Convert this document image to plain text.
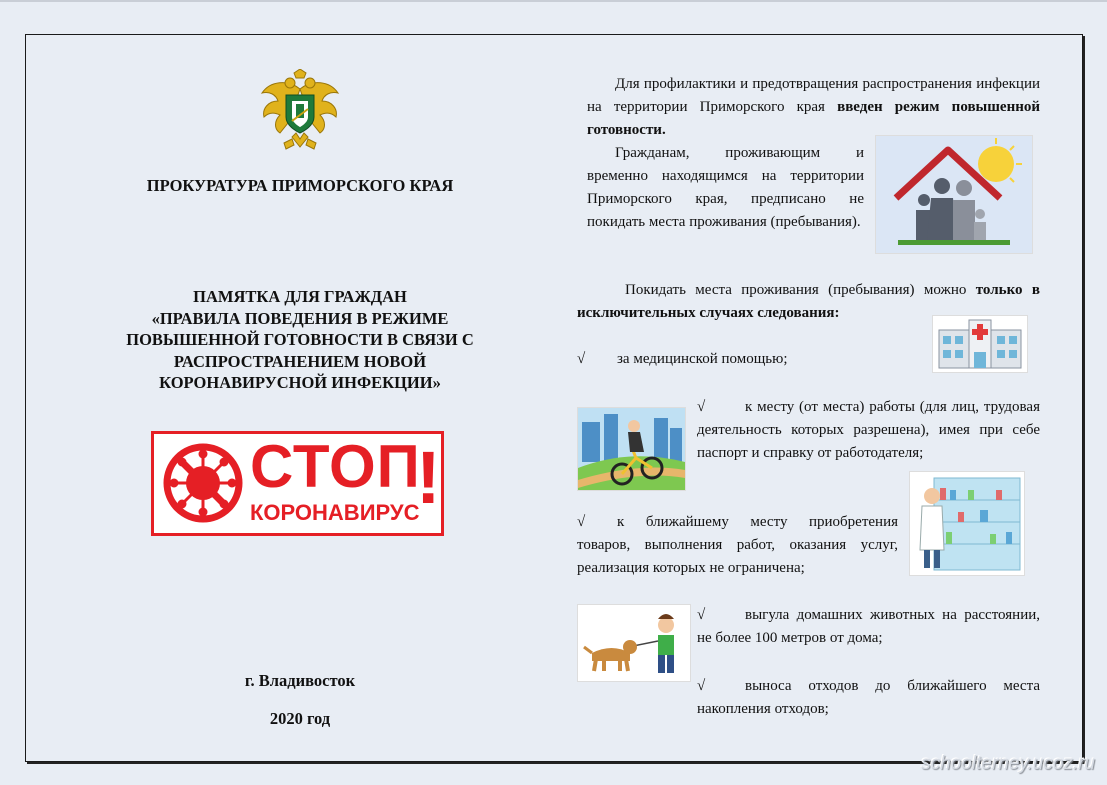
ПРОКУРАТУРА ПРИМОРСКОГО КРАЯ
ПАМЯТКА ДЛЯ ГРАЖДАН
«ПРАВИЛА ПОВЕДЕНИЯ В РЕЖИМЕ
ПОВЫШЕННОЙ ГОТОВНОСТИ В СВЯЗИ С
РАСПРОСТРАНЕНИЕМ НОВОЙ
КОРОНАВИРУСНОЙ ИНФЕКЦИИ»
СТОП
!
КОРОНАВИРУС
г. Владивосток
2020 год
Для профилактики и предотвращения распространения инфекции на территории Приморского края введен режим повышенной готовности.
Гражданам, проживающим и временно находящимся на территории Приморского края, предписано не покидать места проживания (пребывания).
Покидать места проживания (пребывания) можно только в исключительных случаях следования:
√ за медицинской помощью;
√	к месту (от места) работы (для лиц, трудовая деятельность которых разрешена), имея при себе паспорт и справку от работодателя;
√ к ближайшему месту приобретения товаров, выполнения работ, оказания услуг, реализация которых не ограничена;
√	выгула домашних животных на расстоянии, не более 100 метров от дома;
√	выноса отходов до ближайшего места накопления отходов;
schoolterney.ucoz.ru
